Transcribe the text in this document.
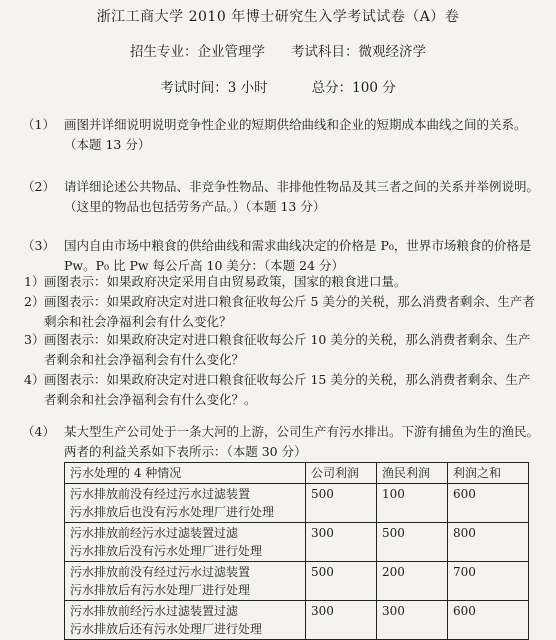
浙江工商大学 2010 年博士研究生入学考试试卷（A）卷
招生专业：企业管理学 考试科目：微观经济学
考试时间：3 小时	总分：100 分
（1） 画图并详细说明说明竞争性企业的短期供给曲线和企业的短期成本曲线之间的关系。（本题 13 分）
（2） 请详细论述公共物品、非竞争性物品、非排他性物品及其三者之间的关系并举例说明。（这里的物品也包括劳务产品。）（本题 13 分）
（3） 国内自由市场中粮食的供给曲线和需求曲线决定的价格是 P₀，世界市场粮食的价格是 Pw。P₀ 比 Pw 每公斤高 10 美分：（本题 24 分）
1） 画图表示：如果政府决定采用自由贸易政策，国家的粮食进口量。
2） 画图表示：如果政府决定对进口粮食征收每公斤 5 美分的关税，那么消费者剩余、生产者剩余和社会净福利会有什么变化？
3） 画图表示：如果政府决定对进口粮食征收每公斤 10 美分的关税，那么消费者剩余、生产者剩余和社会净福利会有什么变化？
4） 画图表示：如果政府决定对进口粮食征收每公斤 15 美分的关税，那么消费者剩余、生产者剩余和社会净福利会有什么变化？。
（4） 某大型生产公司处于一条大河的上游，公司生产有污水排出。下游有捕鱼为生的渔民。两者的利益关系如下表所示：（本题 30 分）
污水处理的 4 种情况	公司利润	渔民利润	利润之和
污水排放前没有经过污水过滤装置
污水排放后也没有污水处理厂进行处理	500	100	600
污水排放前经污水过滤装置过滤
污水排放后没有污水处理厂进行处理	300	500	800
污水排放前没有经过污水过滤装置
污水排放后有污水处理厂进行处理	500	200	700
污水排放前经污水过滤装置过滤
污水排放后还有污水处理厂进行处理	300	300	600
